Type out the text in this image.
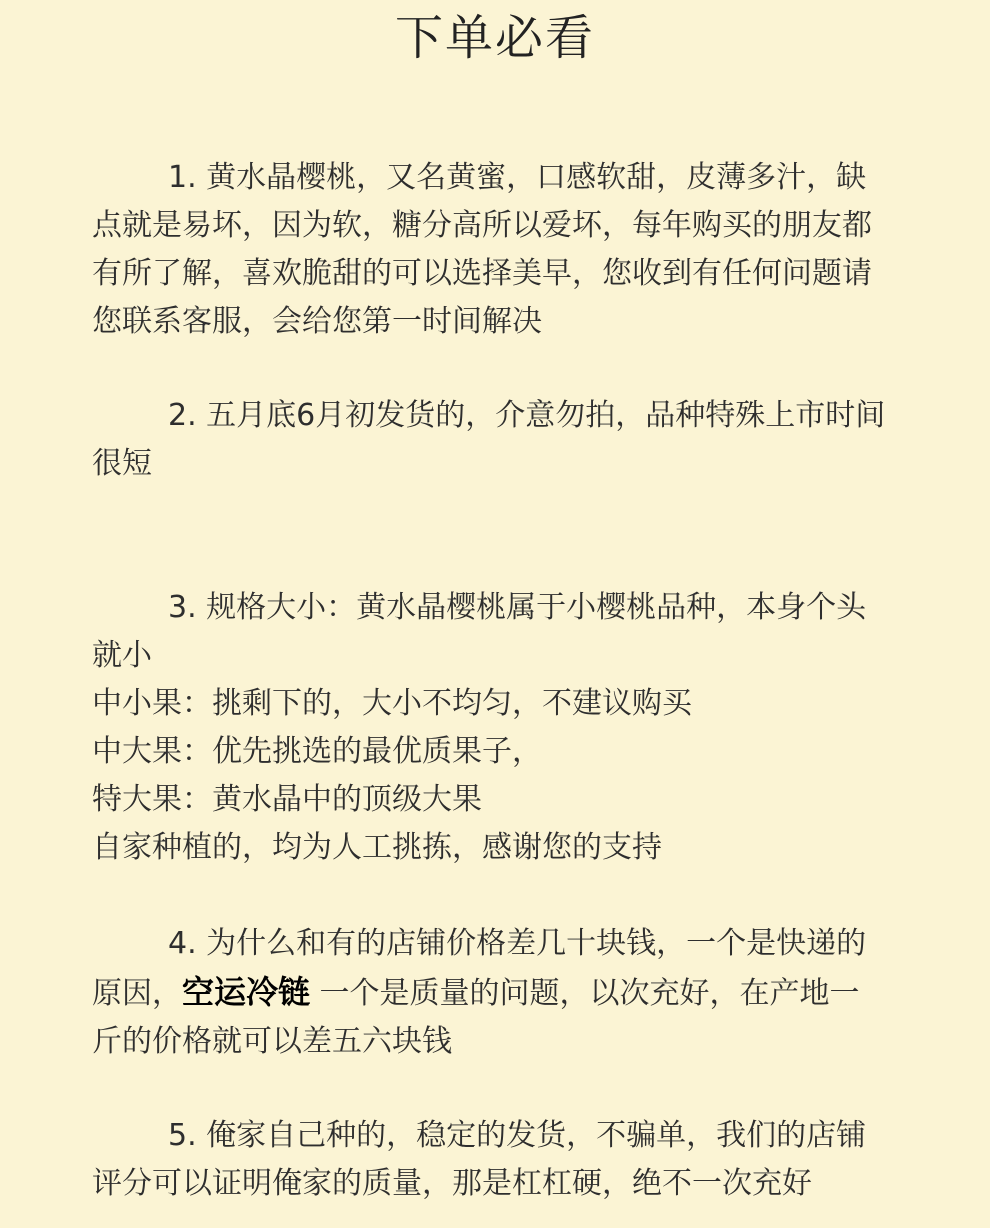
下单必看
1. 黄水晶樱桃，又名黄蜜，口感软甜，皮薄多汁，缺
点就是易坏，因为软，糖分高所以爱坏，每年购买的朋友都
有所了解，喜欢脆甜的可以选择美早，您收到有任何问题请
您联系客服，会给您第一时间解决
2. 五月底6月初发货的，介意勿拍，品种特殊上市时间
很短
3. 规格大小：黄水晶樱桃属于小樱桃品种，本身个头
就小
中小果：挑剩下的，大小不均匀，不建议购买
中大果：优先挑选的最优质果子，
特大果：黄水晶中的顶级大果
自家种植的，均为人工挑拣，感谢您的支持
4. 为什么和有的店铺价格差几十块钱，一个是快递的
原因，空运冷链 一个是质量的问题，以次充好，在产地一
斤的价格就可以差五六块钱
5. 俺家自己种的，稳定的发货，不骗单，我们的店铺
评分可以证明俺家的质量，那是杠杠硬，绝不一次充好
